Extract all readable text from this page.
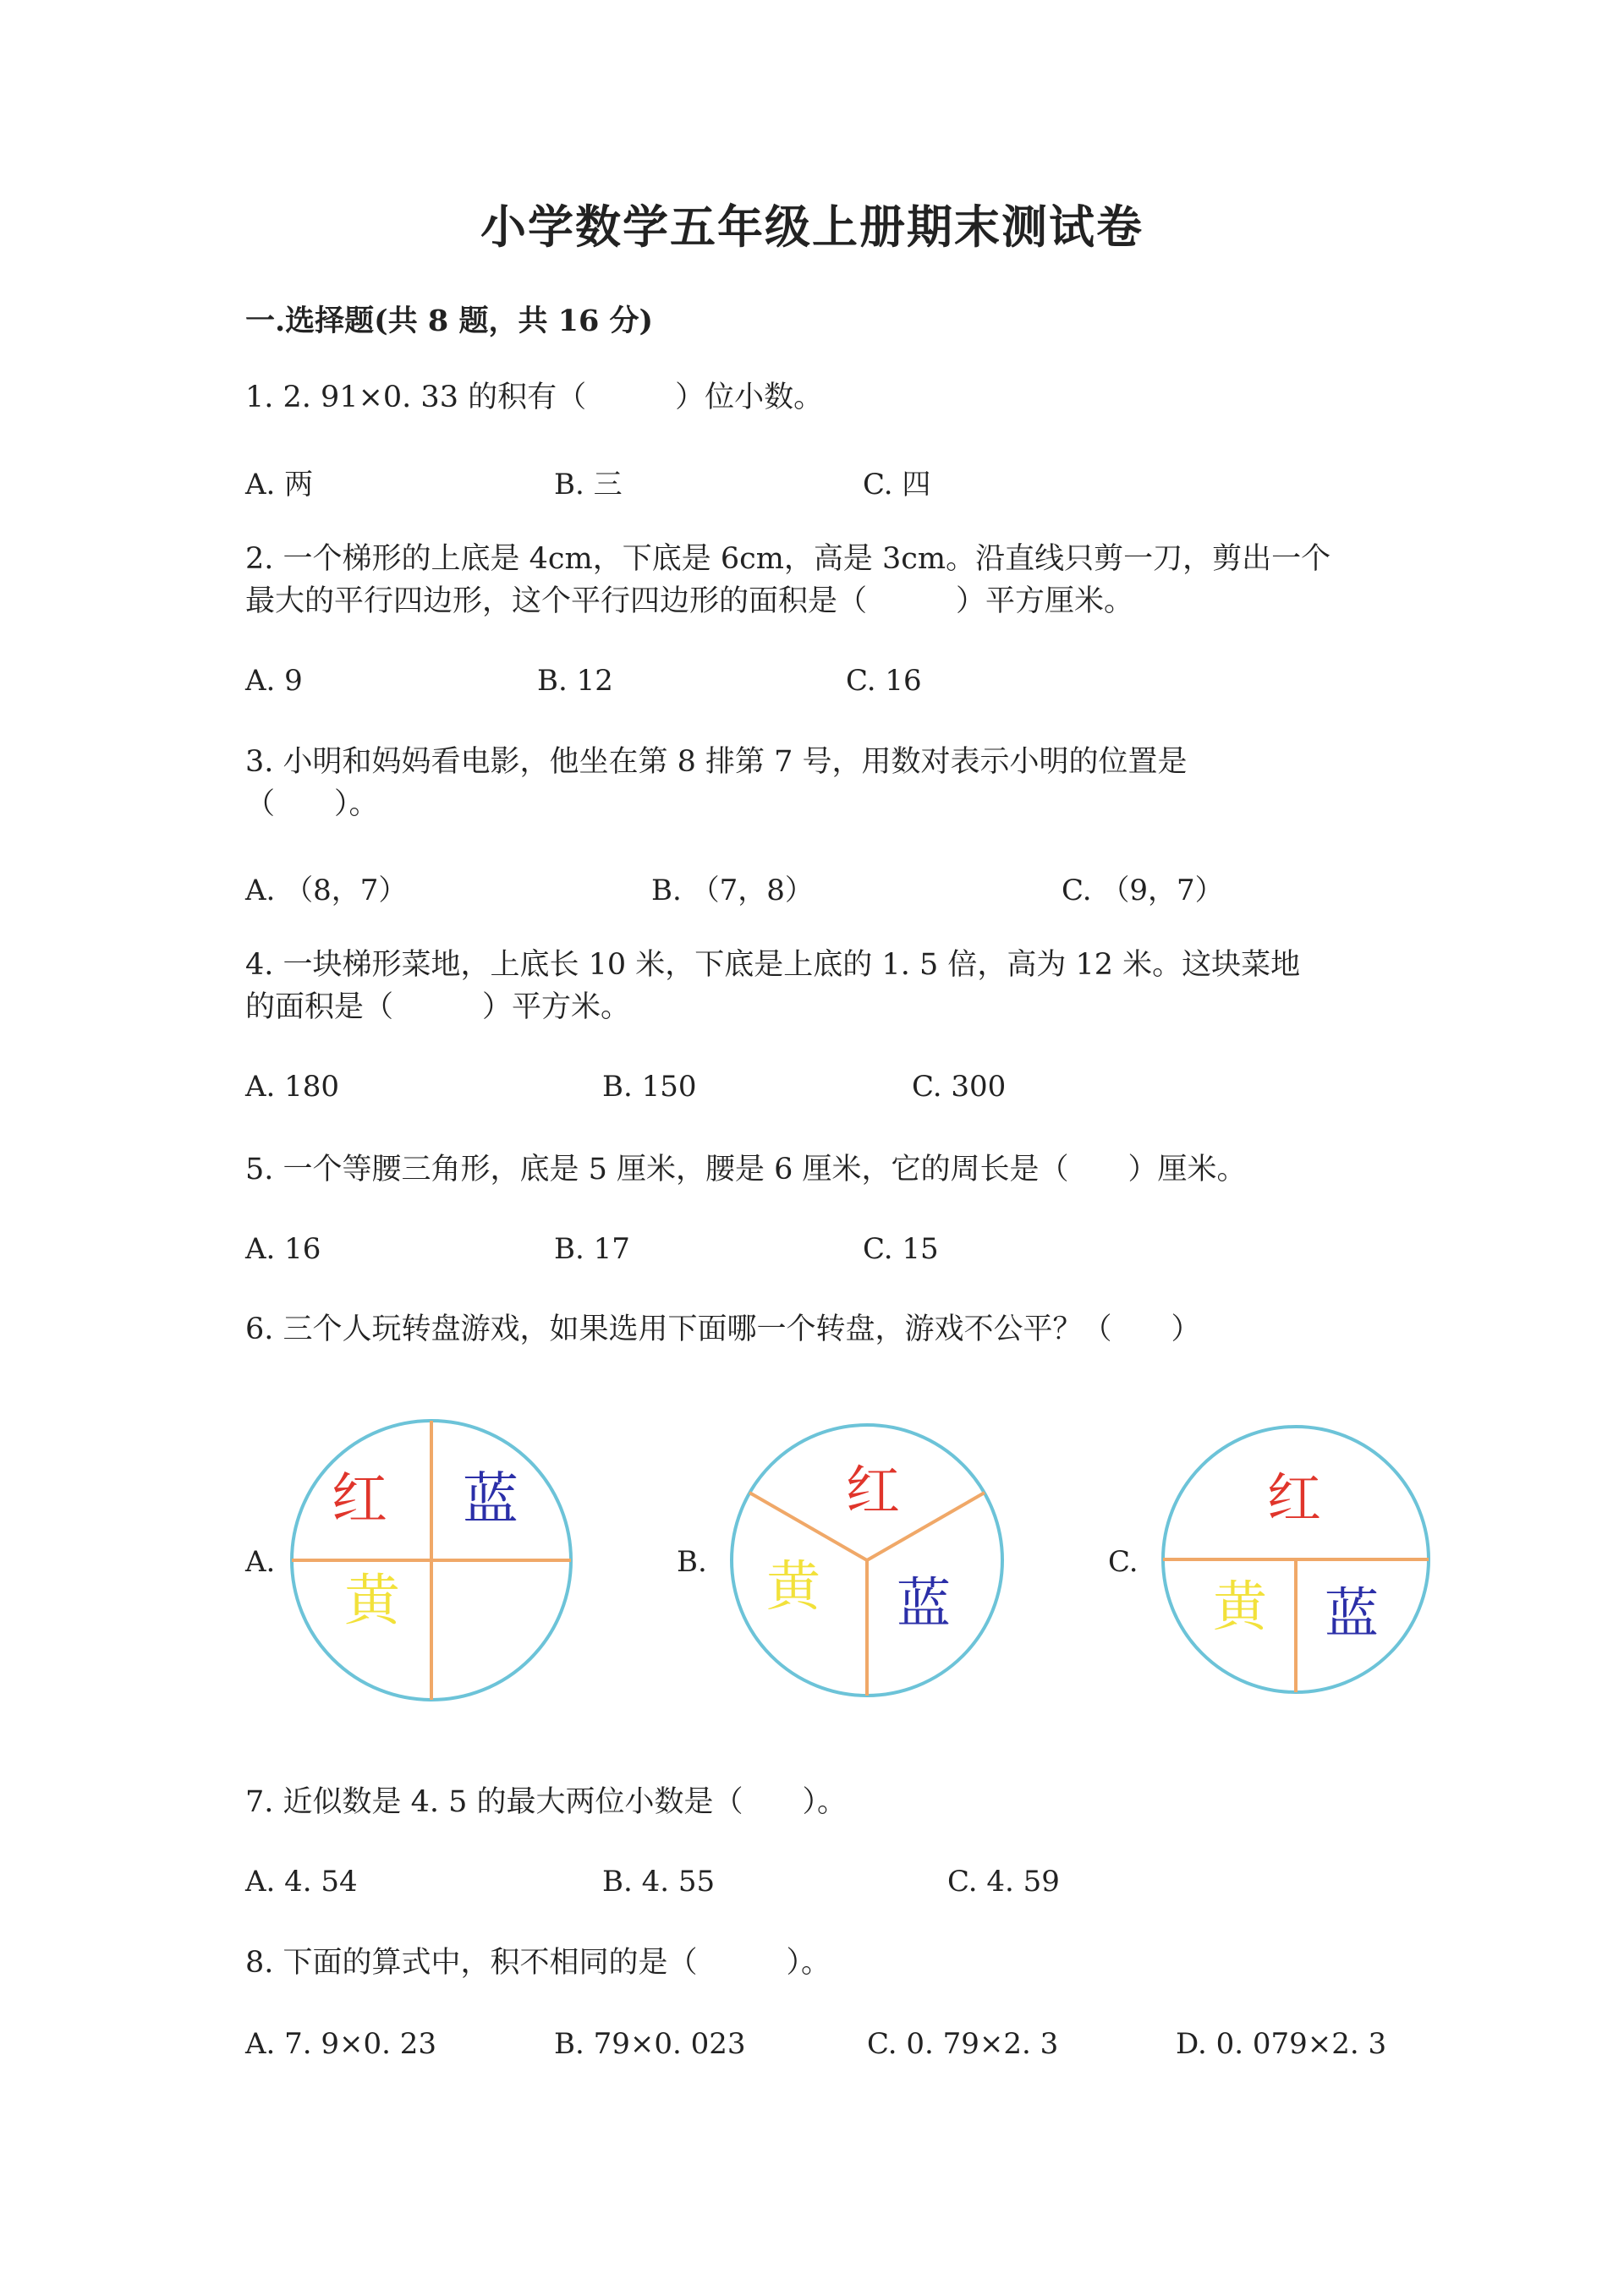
小学数学五年级上册期末测试卷
一.选择题(共 8 题，共 16 分)
1. 2. 91×0. 33 的积有（　　　）位小数。
A. 两	B. 三	C. 四
2. 一个梯形的上底是 4cm，下底是 6cm，高是 3cm。沿直线只剪一刀，剪出一个
最大的平行四边形，这个平行四边形的面积是（　　　）平方厘米。
A. 9	B. 12	C. 16
3. 小明和妈妈看电影，他坐在第 8 排第 7 号，用数对表示小明的位置是
（　　）。
A. （8，7）	B. （7，8）	C. （9，7）
4. 一块梯形菜地，上底长 10 米，下底是上底的 1. 5 倍，高为 12 米。这块菜地
的面积是（　　　）平方米。
A. 180	B. 150	C. 300
5. 一个等腰三角形，底是 5 厘米，腰是 6 厘米，它的周长是（　　）厘米。
A. 16	B. 17	C. 15
6. 三个人玩转盘游戏，如果选用下面哪一个转盘，游戏不公平？（　　）
A.
红 蓝
黄
B.
红
蓝
黄	C.
红
蓝
黄
7. 近似数是 4. 5 的最大两位小数是（　　）。
A. 4. 54	B. 4. 55	C. 4. 59
8. 下面的算式中，积不相同的是（　　　）。
A. 7. 9×0. 23	B. 79×0. 023	C. 0. 79×2. 3	D. 0. 079×2. 3
